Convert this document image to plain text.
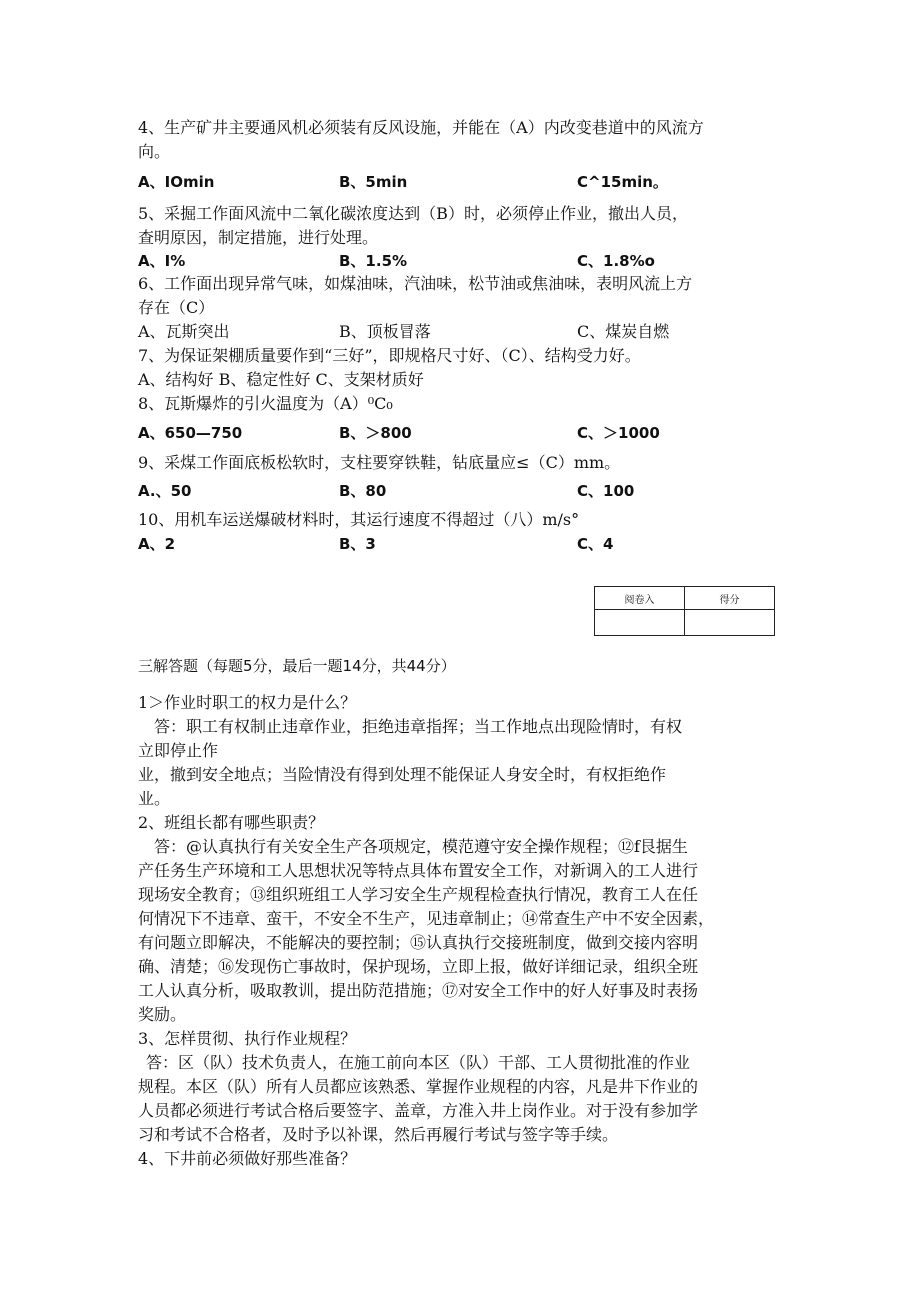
4、生产矿井主要通风机必须装有反风设施，并能在（A）内改变巷道中的风流方
向。
A、IOmin	B、5min	C^15min。
5、采掘工作面风流中二氧化碳浓度达到（B）时，必须停止作业，撤出人员，
查明原因，制定措施，进行处理。
A、I%	B、1.5%	C、1.8%o
6、工作面出现异常气味，如煤油味，汽油味，松节油或焦油味，表明风流上方
存在（C）
A、瓦斯突出	B、顶板冒落	C、煤炭自燃
7、为保证架棚质量要作到“三好”，即规格尺寸好、（C）、结构受力好。
A、结构好 B、稳定性好 C、支架材质好
8、瓦斯爆炸的引火温度为（A）⁰C₀
A、650—750	B、＞800	C、＞1000
9、采煤工作面底板松软时，支柱要穿铁鞋，钻底量应≤（C）mm。
A.、50	B、80	C、100
10、用机车运送爆破材料时，其运行速度不得超过（八）m/s°
A、2	B、3	C、4
阅卷入	得分

三解答题（每题5分，最后一题14分，共44分）
1＞作业时职工的权力是什么？
　答：职工有权制止违章作业，拒绝违章指挥；当工作地点出现险情时，有权
立即停止作
业，撤到安全地点；当险情没有得到处理不能保证人身安全时，有权拒绝作
业。
2、班组长都有哪些职责？
　答：@认真执行有关安全生产各项规定，模范遵守安全操作规程；⑫f艮据生
产任务生产环境和工人思想状况等特点具体布置安全工作，对新调入的工人进行
现场安全教育；⑬组织班组工人学习安全生产规程检查执行情况，教育工人在任
何情况下不违章、蛮干，不安全不生产，见违章制止；⑭常查生产中不安全因素，
有问题立即解决，不能解决的要控制；⑮认真执行交接班制度，做到交接内容明
确、清楚；⑯发现伤亡事故时，保护现场，立即上报，做好详细记录，组织全班
工人认真分析，吸取教训，提出防范措施；⑰对安全工作中的好人好事及时表扬
奖励。
3、怎样贯彻、执行作业规程？
答：区（队）技术负责人，在施工前向本区（队）干部、工人贯彻批准的作业
规程。本区（队）所有人员都应该熟悉、掌握作业规程的内容，凡是井下作业的
人员都必须进行考试合格后要签字、盖章，方准入井上岗作业。对于没有参加学
习和考试不合格者，及时予以补课，然后再履行考试与签字等手续。
4、下井前必须做好那些准备？
